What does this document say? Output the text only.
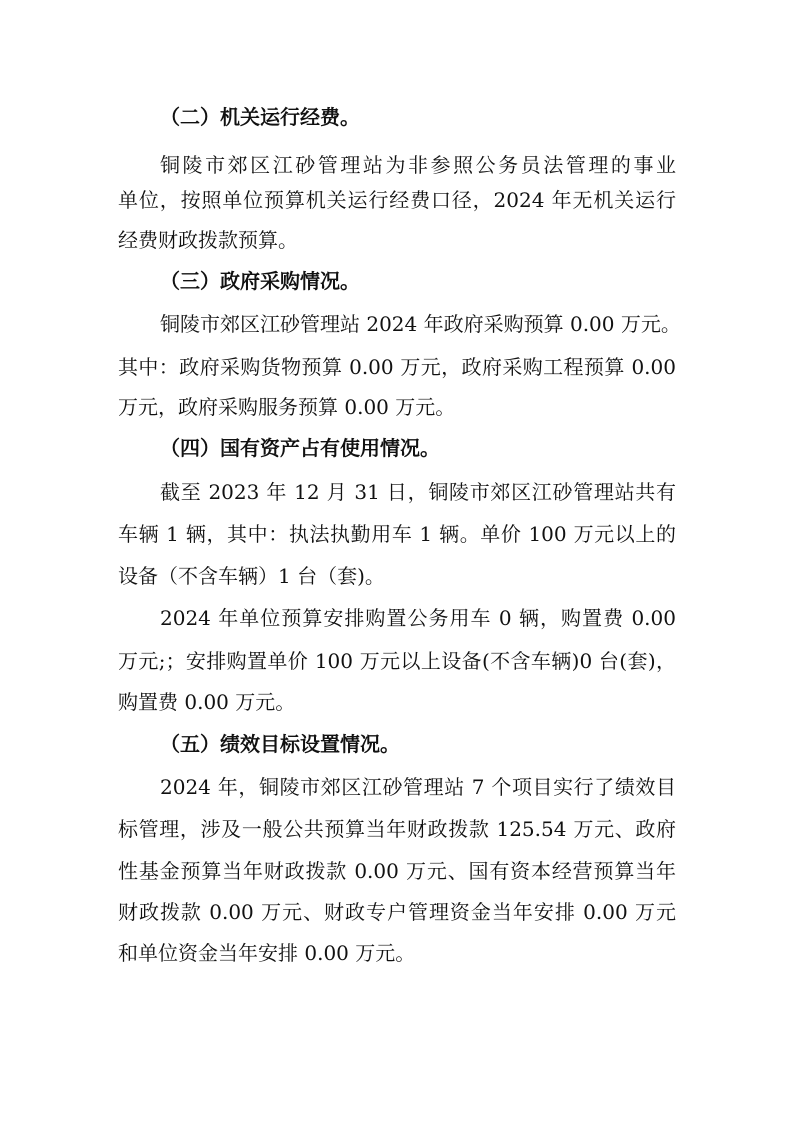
（二）机关运行经费。
铜陵市郊区江砂管理站为非参照公务员法管理的事业
单位，按照单位预算机关运行经费口径，2024 年无机关运行
经费财政拨款预算。
（三）政府采购情况。
铜陵市郊区江砂管理站 2024 年政府采购预算 0.00 万元。
其中：政府采购货物预算 0.00 万元，政府采购工程预算 0.00
万元，政府采购服务预算 0.00 万元。
（四）国有资产占有使用情况。
截至 2023 年 12 月 31 日，铜陵市郊区江砂管理站共有
车辆 1 辆，其中：执法执勤用车 1 辆。单价 100 万元以上的
设备（不含车辆）1 台（套)。
2024 年单位预算安排购置公务用车 0 辆，购置费 0.00
万元;；安排购置单价 100 万元以上设备(不含车辆)0 台(套)，
购置费 0.00 万元。
（五）绩效目标设置情况。
2024 年，铜陵市郊区江砂管理站 7 个项目实行了绩效目
标管理，涉及一般公共预算当年财政拨款 125.54 万元、政府
性基金预算当年财政拨款 0.00 万元、国有资本经营预算当年
财政拨款 0.00 万元、财政专户管理资金当年安排 0.00 万元
和单位资金当年安排 0.00 万元。
